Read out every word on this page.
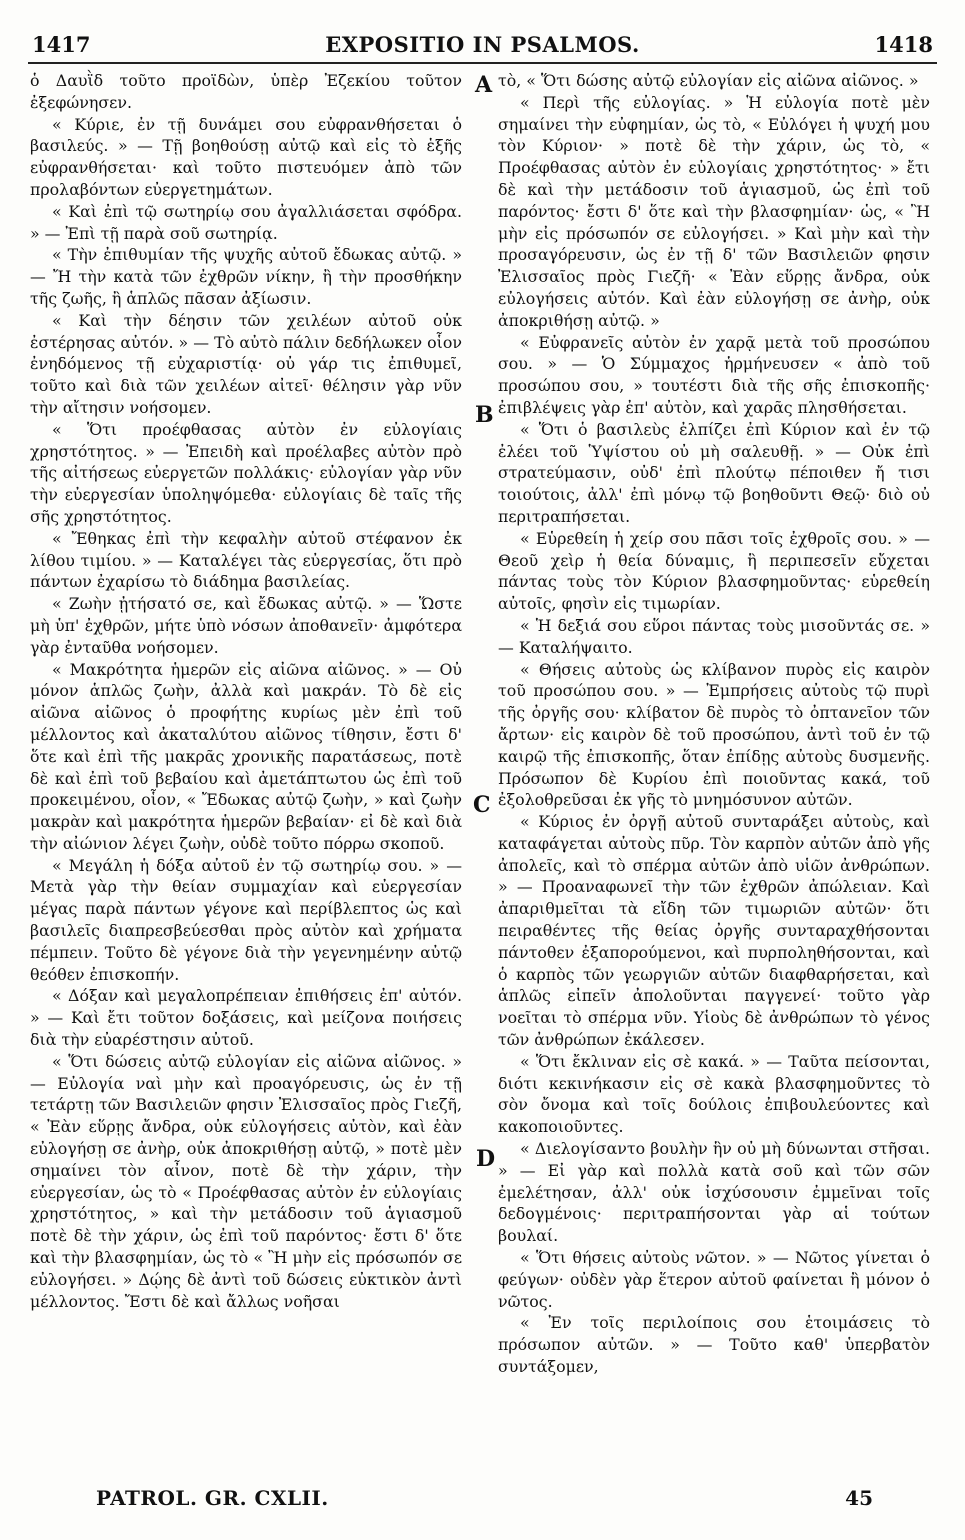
1417	EXPOSITIO IN PSALMOS.	1418
A
B
C
D

ὁ Δαυῒδ τοῦτο προϊδὼν, ὑπὲρ Ἐζεκίου τοῦτον ἐξεφώνησεν.

« Κύριε, ἐν τῇ δυνάμει σου εὐφρανθήσεται ὁ βασιλεύς. » — Τῇ βοηθούσῃ αὐτῷ καὶ εἰς τὸ ἑξῆς εὐφρανθήσεται· καὶ τοῦτο πιστευόμεν ἀπὸ τῶν προλαβόντων εὐεργετημάτων.

« Καὶ ἐπὶ τῷ σωτηρίῳ σου ἀγαλλιάσεται σφόδρα. » — Ἐπὶ τῇ παρὰ σοῦ σωτηρίᾳ.

« Τὴν ἐπιθυμίαν τῆς ψυχῆς αὐτοῦ ἔδωκας αὐτῷ. » — Ἤ τὴν κατὰ τῶν ἐχθρῶν νίκην, ἢ τὴν προσθήκην τῆς ζωῆς, ἢ ἁπλῶς πᾶσαν ἀξίωσιν.

« Καὶ τὴν δέησιν τῶν χειλέων αὐτοῦ οὐκ ἐστέρησας αὐτόν. » — Τὸ αὐτὸ πάλιν δεδήλωκεν οἷον ἐνηδόμενος τῇ εὐχαριστίᾳ· οὐ γάρ τις ἐπιθυμεῖ, τοῦτο καὶ διὰ τῶν χειλέων αἰτεῖ· θέλησιν γὰρ νῦν τὴν αἴτησιν νοήσομεν.

« Ὅτι προέφθασας αὐτὸν ἐν εὐλογίαις χρηστότητος. » — Ἐπειδὴ καὶ προέλαβες αὐτὸν πρὸ τῆς αἰτήσεως εὐεργετῶν πολλάκις· εὐλογίαν γὰρ νῦν τὴν εὐεργεσίαν ὑποληψόμεθα· εὐλογίαις δὲ ταῖς τῆς σῆς χρηστότητος.

« Ἔθηκας ἐπὶ τὴν κεφαλὴν αὐτοῦ στέφανον ἐκ λίθου τιμίου. » — Καταλέγει τὰς εὐεργεσίας, ὅτι πρὸ πάντων ἐχαρίσω τὸ διάδημα βασιλείας.

« Ζωὴν ᾐτήσατό σε, καὶ ἔδωκας αὐτῷ. » — Ὥστε μὴ ὑπ' ἐχθρῶν, μήτε ὑπὸ νόσων ἀποθανεῖν· ἀμφότερα γὰρ ἐνταῦθα νοήσομεν.

« Μακρότητα ἡμερῶν εἰς αἰῶνα αἰῶνος. » — Οὐ μόνον ἁπλῶς ζωὴν, ἀλλὰ καὶ μακράν. Τὸ δὲ εἰς αἰῶνα αἰῶνος ὁ προφήτης κυρίως μὲν ἐπὶ τοῦ μέλλοντος καὶ ἀκαταλύτου αἰῶνος τίθησιν, ἔστι δ' ὅτε καὶ ἐπὶ τῆς μακρᾶς χρονικῆς παρατάσεως, ποτὲ δὲ καὶ ἐπὶ τοῦ βεβαίου καὶ ἀμετάπτωτου ὡς ἐπὶ τοῦ προκειμένου, οἷον, « Ἔδωκας αὐτῷ ζωὴν, » καὶ ζωὴν μακρὰν καὶ μακρότητα ἡμερῶν βεβαίαν· εἰ δὲ καὶ διὰ τὴν αἰώνιον λέγει ζωὴν, οὐδὲ τοῦτο πόρρω σκοποῦ.

« Μεγάλη ἡ δόξα αὐτοῦ ἐν τῷ σωτηρίῳ σου. » — Μετὰ γὰρ τὴν θείαν συμμαχίαν καὶ εὐεργεσίαν μέγας παρὰ πάντων γέγονε καὶ περίβλεπτος ὡς καὶ βασιλεῖς διαπρεσβεύεσθαι πρὸς αὐτὸν καὶ χρήματα πέμπειν. Τοῦτο δὲ γέγονε διὰ τὴν γεγενημένην αὐτῷ θεόθεν ἐπισκοπήν.

« Δόξαν καὶ μεγαλοπρέπειαν ἐπιθήσεις ἐπ' αὐτόν. » — Καὶ ἔτι τοῦτον δοξάσεις, καὶ μείζονα ποιήσεις διὰ τὴν εὐαρέστησιν αὐτοῦ.

« Ὅτι δώσεις αὐτῷ εὐλογίαν εἰς αἰῶνα αἰῶνος. » — Εὐλογία ναὶ μὴν καὶ προαγόρευσις, ὡς ἐν τῇ τετάρτῃ τῶν Βασιλειῶν φησιν Ἐλισσαῖος πρὸς Γιεζῆ, « Ἐὰν εὕρῃς ἄνδρα, οὐκ εὐλογήσεις αὐτὸν, καὶ ἐὰν εὐλογήσῃ σε ἀνὴρ, οὐκ ἀποκριθήσῃ αὐτῷ, » ποτὲ μὲν σημαίνει τὸν αἶνον, ποτὲ δὲ τὴν χάριν, τὴν εὐεργεσίαν, ὡς τὸ « Προέφθασας αὐτὸν ἐν εὐλογίαις χρηστότητος, » καὶ τὴν μετάδοσιν τοῦ ἁγιασμοῦ ποτὲ δὲ τὴν χάριν, ὡς ἐπὶ τοῦ παρόντος· ἔστι δ' ὅτε καὶ τὴν βλασφημίαν, ὡς τὸ « Ἢ μὴν εἰς πρόσωπόν σε εὐλογήσει. » Δῴης δὲ ἀντὶ τοῦ δώσεις εὐκτικὸν ἀντὶ μέλλοντος. Ἔστι δὲ καὶ ἄλλως νοῆσαι

τὸ, « Ὅτι δώσης αὐτῷ εὐλογίαν εἰς αἰῶνα αἰῶνος. »

« Περὶ τῆς εὐλογίας. » Ἡ εὐλογία ποτὲ μὲν σημαίνει τὴν εὐφημίαν, ὡς τὸ, « Εὐλόγει ἡ ψυχή μου τὸν Κύριον· » ποτὲ δὲ τὴν χάριν, ὡς τὸ, « Προέφθασας αὐτὸν ἐν εὐλογίαις χρηστότητος· » ἔτι δὲ καὶ τὴν μετάδοσιν τοῦ ἁγιασμοῦ, ὡς ἐπὶ τοῦ παρόντος· ἔστι δ' ὅτε καὶ τὴν βλασφημίαν· ὡς, « Ἢ μὴν εἰς πρόσωπόν σε εὐλογήσει. » Καὶ μὴν καὶ τὴν προσαγόρευσιν, ὡς ἐν τῇ δ' τῶν Βασιλειῶν φησιν Ἐλισσαῖος πρὸς Γιεζῆ· « Ἐὰν εὕρῃς ἄνδρα, οὐκ εὐλογήσεις αὐτόν. Καὶ ἐὰν εὐλογήσῃ σε ἀνὴρ, οὐκ ἀποκριθήσῃ αὐτῷ. »

« Εὐφρανεῖς αὐτὸν ἐν χαρᾷ μετὰ τοῦ προσώπου σου. » — Ὁ Σύμμαχος ἡρμήνευσεν « ἀπὸ τοῦ προσώπου σου, » τουτέστι διὰ τῆς σῆς ἐπισκοπῆς· ἐπιβλέψεις γὰρ ἐπ' αὐτὸν, καὶ χαρᾶς πλησθήσεται.

« Ὅτι ὁ βασιλεὺς ἐλπίζει ἐπὶ Κύριον καὶ ἐν τῷ ἐλέει τοῦ Ὑψίστου οὐ μὴ σαλευθῇ. » — Οὐκ ἐπὶ στρατεύμασιν, οὐδ' ἐπὶ πλούτῳ πέποιθεν ἤ τισι τοιούτοις, ἀλλ' ἐπὶ μόνῳ τῷ βοηθοῦντι Θεῷ· διὸ οὐ περιτραπήσεται.

« Εὑρεθείη ἡ χείρ σου πᾶσι τοῖς ἐχθροῖς σου. » — Θεοῦ χεὶρ ἡ θεία δύναμις, ἣ περιπεσεῖν εὔχεται πάντας τοὺς τὸν Κύριον βλασφημοῦντας· εὑρεθείη αὐτοῖς, φησὶν εἰς τιμωρίαν.

« Ἡ δεξιά σου εὕροι πάντας τοὺς μισοῦντάς σε. » — Καταλήψαιτο.

« Θήσεις αὐτοὺς ὡς κλίβανον πυρὸς εἰς καιρὸν τοῦ προσώπου σου. » — Ἐμπρήσεις αὐτοὺς τῷ πυρὶ τῆς ὀργῆς σου· κλίβατον δὲ πυρὸς τὸ ὀπτανεῖον τῶν ἄρτων· εἰς καιρὸν δὲ τοῦ προσώπου, ἀντὶ τοῦ ἐν τῷ καιρῷ τῆς ἐπισκοπῆς, ὅταν ἐπίδῃς αὐτοὺς δυσμενῆς. Πρόσωπον δὲ Κυρίου ἐπὶ ποιοῦντας κακά, τοῦ ἐξολοθρεῦσαι ἐκ γῆς τὸ μνημόσυνον αὐτῶν.

« Κύριος ἐν ὀργῇ αὐτοῦ συνταράξει αὐτοὺς, καὶ καταφάγεται αὐτοὺς πῦρ. Τὸν καρπὸν αὐτῶν ἀπὸ γῆς ἀπολεῖς, καὶ τὸ σπέρμα αὐτῶν ἀπὸ υἱῶν ἀνθρώπων. » — Προαναφωνεῖ τὴν τῶν ἐχθρῶν ἀπώλειαν. Καὶ ἀπαριθμεῖται τὰ εἴδη τῶν τιμωριῶν αὐτῶν· ὅτι πειραθέντες τῆς θείας ὀργῆς συνταραχθήσονται πάντοθεν ἐξαπορούμενοι, καὶ πυρποληθήσονται, καὶ ὁ καρπὸς τῶν γεωργιῶν αὐτῶν διαφθαρήσεται, καὶ ἁπλῶς εἰπεῖν ἀπολοῦνται παγγενεί· τοῦτο γὰρ νοεῖται τὸ σπέρμα νῦν. Υἱοὺς δὲ ἀνθρώπων τὸ γένος τῶν ἀνθρώπων ἐκάλεσεν.

« Ὅτι ἔκλιναν εἰς σὲ κακά. » — Ταῦτα πείσονται, διότι κεκινήκασιν εἰς σὲ κακὰ βλασφημοῦντες τὸ σὸν ὄνομα καὶ τοῖς δούλοις ἐπιβουλεύοντες καὶ κακοποιοῦντες.

« Διελογίσαντο βουλὴν ἣν οὐ μὴ δύνωνται στῆσαι. » — Εἰ γὰρ καὶ πολλὰ κατὰ σοῦ καὶ τῶν σῶν ἐμελέτησαν, ἀλλ' οὐκ ἰσχύσουσιν ἐμμεῖναι τοῖς δεδογμένοις· περιτραπήσονται γὰρ αἱ τούτων βουλαί.

« Ὅτι θήσεις αὐτοὺς νῶτον. » — Νῶτος γίνεται ὁ φεύγων· οὐδὲν γὰρ ἕτερον αὐτοῦ φαίνεται ἢ μόνον ὁ νῶτος.

« Ἐν τοῖς περιλοίποις σου ἑτοιμάσεις τὸ πρόσωπον αὐτῶν. » — Τοῦτο καθ' ὑπερβατὸν συντάξομεν,

PATROL. GR. CXLII.	45
